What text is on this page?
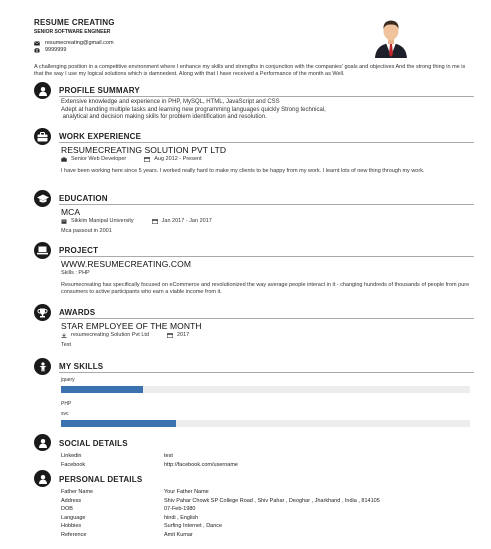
RESUME CREATING
SENIOR SOFTWARE ENGINEER
resumecreating@gmail.com
9999999
A challenging position in a competitive environment where I enhance my skills and strengths in conjunction with the companies' goals and objectives And the strong thing in me is that the way I use my logical solutions which is damnedest. Along with that I have received a Performance of the month as Well.
PROFILE SUMMARY
Extensive knowledge and experience in PHP, MySQL, HTML, JavaScript and CSS
Adept at handling multiple tasks and learning new programming languages quickly Strong technical,
analytical and decision making skills for problem identification and resolution.
WORK EXPERIENCE
RESUMECREATING SOLUTION PVT LTD
Senior Web Developer	Aug 2012 - Present
I have been working here since 5 years. I worked really hard to make my clients to be happy from my work. I learnt lots of new thing through my work.
EDUCATION
MCA
Sikkim Manipal University	Jan 2017 - Jan 2017
Mca passout in 2001
PROJECT
WWW.RESUMECREATING.COM
Skills : PHP
Resumecreating has specifically focused on eCommerce and revolutionized the way average people interact in it - changing hundreds of thousands of people from pure consumers to active participants who earn a viable income from it.
AWARDS
STAR EMPLOYEE OF THE MONTH
resumecreating Solution Pvt Ltd	2017
Test
MY SKILLS
jquery
PHP
svc
SOCIAL DETAILS
Linkedin	test
Facebook	http://facebook.com/username
PERSONAL DETAILS
Father Name	Your Father Name
Address	Shiv Pahar Chowk SP College Road , Shiv Pahar , Deoghar , Jharkhand , India , 814105
DOB	07-Feb-1980
Language	hindi , English
Hobbies	Surfing Internet , Dance
Reference	Amit Kumar
